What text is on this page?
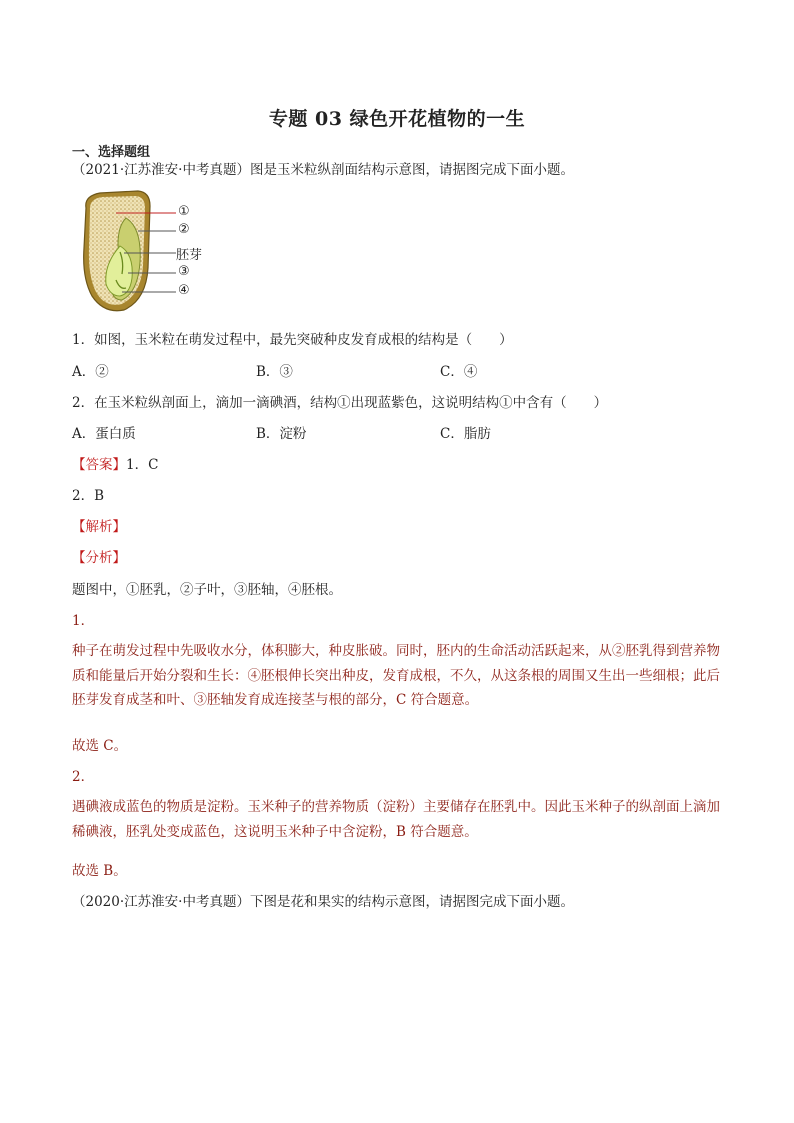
专题 03 绿色开花植物的一生
一、选择题组
（2021·江苏淮安·中考真题）图是玉米粒纵剖面结构示意图，请据图完成下面小题。
①
②
胚芽
③
④
1．如图，玉米粒在萌发过程中，最先突破种皮发育成根的结构是（　　）
A．②	B．③	C．④
2．在玉米粒纵剖面上，滴加一滴碘酒，结构①出现蓝紫色，这说明结构①中含有（　　）
A．蛋白质	B．淀粉	C．脂肪
【答案】1．C
2．B
【解析】
【分析】
题图中，①胚乳，②子叶，③胚轴，④胚根。
1．
种子在萌发过程中先吸收水分，体积膨大，种皮胀破。同时，胚内的生命活动活跃起来，从②胚乳得到营养物质和能量后开始分裂和生长：④胚根伸长突出种皮，发育成根，不久，从这条根的周围又生出一些细根；此后胚芽发育成茎和叶、③胚轴发育成连接茎与根的部分，C 符合题意。
故选 C。
2．
遇碘液成蓝色的物质是淀粉。玉米种子的营养物质（淀粉）主要储存在胚乳中。因此玉米种子的纵剖面上滴加稀碘液，胚乳处变成蓝色，这说明玉米种子中含淀粉，B 符合题意。
故选 B。
（2020·江苏淮安·中考真题）下图是花和果实的结构示意图，请据图完成下面小题。
